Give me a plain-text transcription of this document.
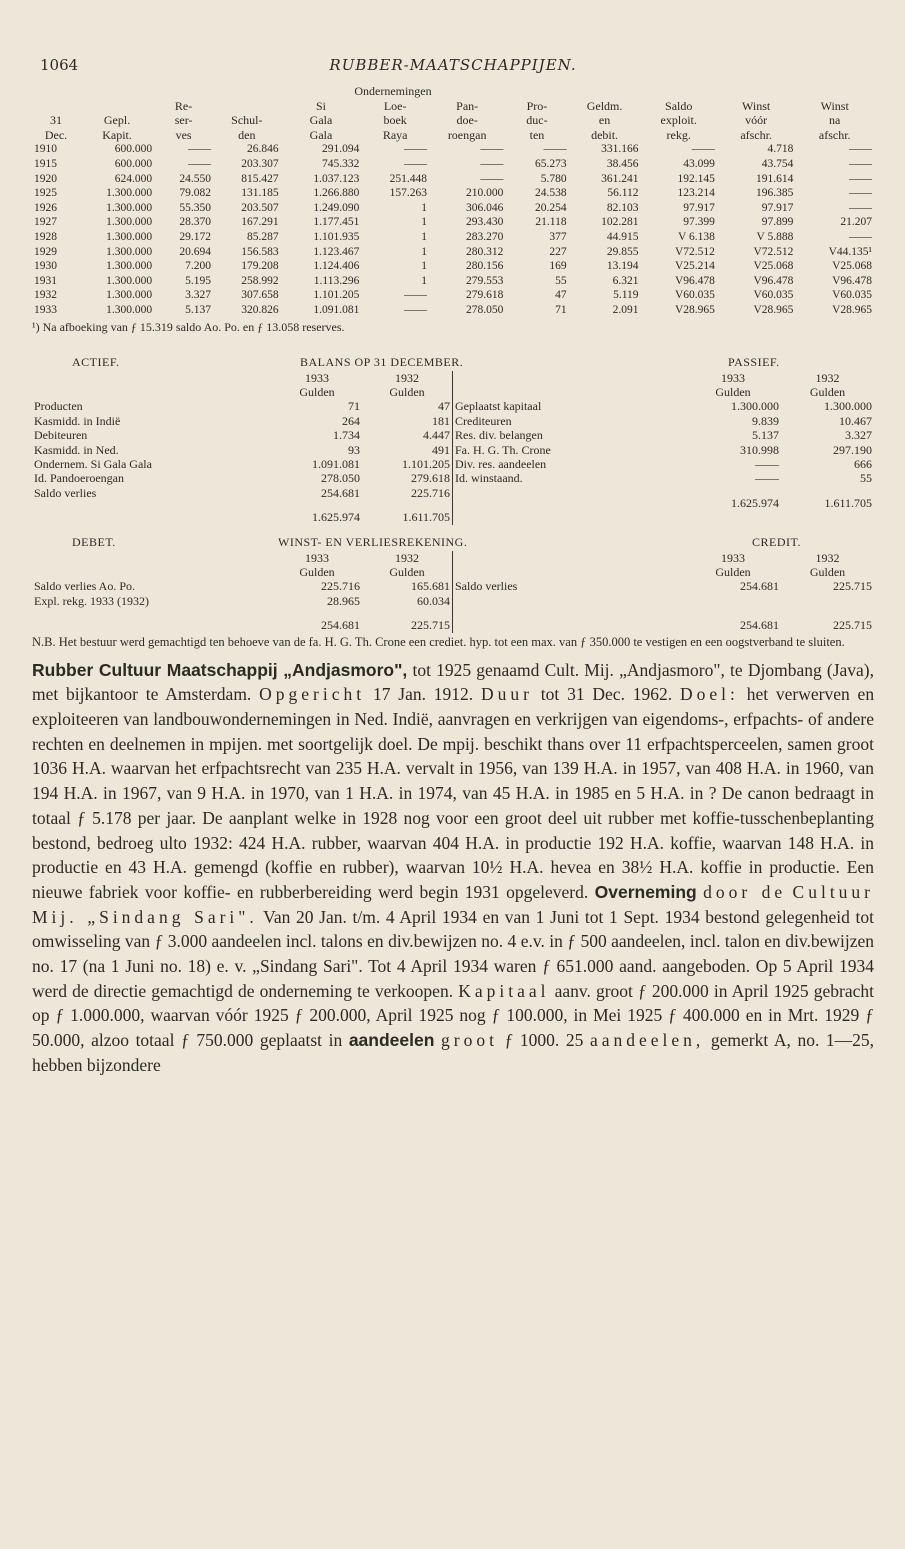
1064	RUBBER-MAATSCHAPPIJEN.
				Ondernemingen							
		Re-		Si	Loe-	Pan-	Pro-	Geldm.	Saldo	Winst	Winst
31	Gepl.	ser-	Schul-	Gala	boek	doe-	duc-	en	exploit.	vóór	na
Dec.	Kapit.	ves	den	Gala	Raya	roengan	ten	debit.	rekg.	afschr.	afschr.
1910	600.000	——	26.846	291.094	——	——	——	331.166	——	4.718	——
1915	600.000	——	203.307	745.332	——	——	65.273	38.456	43.099	43.754	——
1920	624.000	24.550	815.427	1.037.123	251.448	——	5.780	361.241	192.145	191.614	——
1925	1.300.000	79.082	131.185	1.266.880	157.263	210.000	24.538	56.112	123.214	196.385	——
1926	1.300.000	55.350	203.507	1.249.090	1	306.046	20.254	82.103	97.917	97.917	——
1927	1.300.000	28.370	167.291	1.177.451	1	293.430	21.118	102.281	97.399	97.899	21.207
1928	1.300.000	29.172	85.287	1.101.935	1	283.270	377	44.915	V 6.138	V 5.888	——
1929	1.300.000	20.694	156.583	1.123.467	1	280.312	227	29.855	V72.512	V72.512	V44.135¹
1930	1.300.000	7.200	179.208	1.124.406	1	280.156	169	13.194	V25.214	V25.068	V25.068
1931	1.300.000	5.195	258.992	1.113.296	1	279.553	55	6.321	V96.478	V96.478	V96.478
1932	1.300.000	3.327	307.658	1.101.205	——	279.618	47	5.119	V60.035	V60.035	V60.035
1933	1.300.000	5.137	320.826	1.091.081	——	278.050	71	2.091	V28.965	V28.965	V28.965
¹) Na afboeking van ƒ 15.319 saldo Ao. Po. en ƒ 13.058 reserves.
ACTIEF.	BALANS OP 31 DECEMBER.	PASSIEF.
	1933	1932
	Gulden	Gulden
Producten	71	47
Kasmidd. in Indië	264	181
Debiteuren	1.734	4.447
Kasmidd. in Ned.	93	491
Ondernem. Si Gala Gala	1.091.081	1.101.205
Id. Pandoeroengan	278.050	279.618
Saldo verlies	254.681	225.716
	1.625.974	1.611.705
	1933	1932
	Gulden	Gulden
Geplaatst kapitaal	1.300.000	1.300.000
Crediteuren	9.839	10.467
Res. div. belangen	5.137	3.327
Fa. H. G. Th. Crone	310.998	297.190
Div. res. aandeelen	——	666
Id. winstaand.	——	55
	1.625.974	1.611.705
DEBET.	WINST- EN VERLIESREKENING.	CREDIT.
	1933	1932
	Gulden	Gulden
Saldo verlies Ao. Po.	225.716	165.681
Expl. rekg. 1933 (1932)	28.965	60.034
	254.681	225.715
	1933	1932
	Gulden	Gulden
Saldo verlies	254.681	225.715

	254.681	225.715
N.B. Het bestuur werd gemachtigd ten behoeve van de fa. H. G. Th. Crone een crediet. hyp. tot een max. van ƒ 350.000 te vestigen en een oogstverband te sluiten.
Rubber Cultuur Maatschappij „Andjasmoro", tot 1925 genaamd Cult. Mij. „Andjasmoro", te Djombang (Java), met bijkantoor te Amsterdam. Opgericht 17 Jan. 1912. Duur tot 31 Dec. 1962. Doel: het verwerven en exploiteeren van landbouwondernemingen in Ned. Indië, aanvragen en verkrijgen van eigendoms-, erfpachts- of andere rechten en deelnemen in mpijen. met soortgelijk doel. De mpij. beschikt thans over 11 erfpachtsperceelen, samen groot 1036 H.A. waarvan het erfpachtsrecht van 235 H.A. vervalt in 1956, van 139 H.A. in 1957, van 408 H.A. in 1960, van 194 H.A. in 1967, van 9 H.A. in 1970, van 1 H.A. in 1974, van 45 H.A. in 1985 en 5 H.A. in ? De canon bedraagt in totaal ƒ 5.178 per jaar. De aanplant welke in 1928 nog voor een groot deel uit rubber met koffie-tusschenbeplanting bestond, bedroeg ulto 1932: 424 H.A. rubber, waarvan 404 H.A. in productie 192 H.A. koffie, waarvan 148 H.A. in productie en 43 H.A. gemengd (koffie en rubber), waarvan 10½ H.A. hevea en 38½ H.A. koffie in productie. Een nieuwe fabriek voor koffie- en rubberbereiding werd begin 1931 opgeleverd. Overneming door de Cultuur Mij. „Sindang Sari". Van 20 Jan. t/m. 4 April 1934 en van 1 Juni tot 1 Sept. 1934 bestond gelegenheid tot omwisseling van ƒ 3.000 aandeelen incl. talons en div.bewijzen no. 4 e.v. in ƒ 500 aandeelen, incl. talon en div.bewijzen no. 17 (na 1 Juni no. 18) e. v. „Sindang Sari". Tot 4 April 1934 waren ƒ 651.000 aand. aangeboden. Op 5 April 1934 werd de directie gemachtigd de onderneming te verkoopen. Kapitaal aanv. groot ƒ 200.000 in April 1925 gebracht op ƒ 1.000.000, waarvan vóór 1925 ƒ 200.000, April 1925 nog ƒ 100.000, in Mei 1925 ƒ 400.000 en in Mrt. 1929 ƒ 50.000, alzoo totaal ƒ 750.000 geplaatst in aandeelen groot ƒ 1000. 25 aandeelen, gemerkt A, no. 1—25, hebben bijzondere
